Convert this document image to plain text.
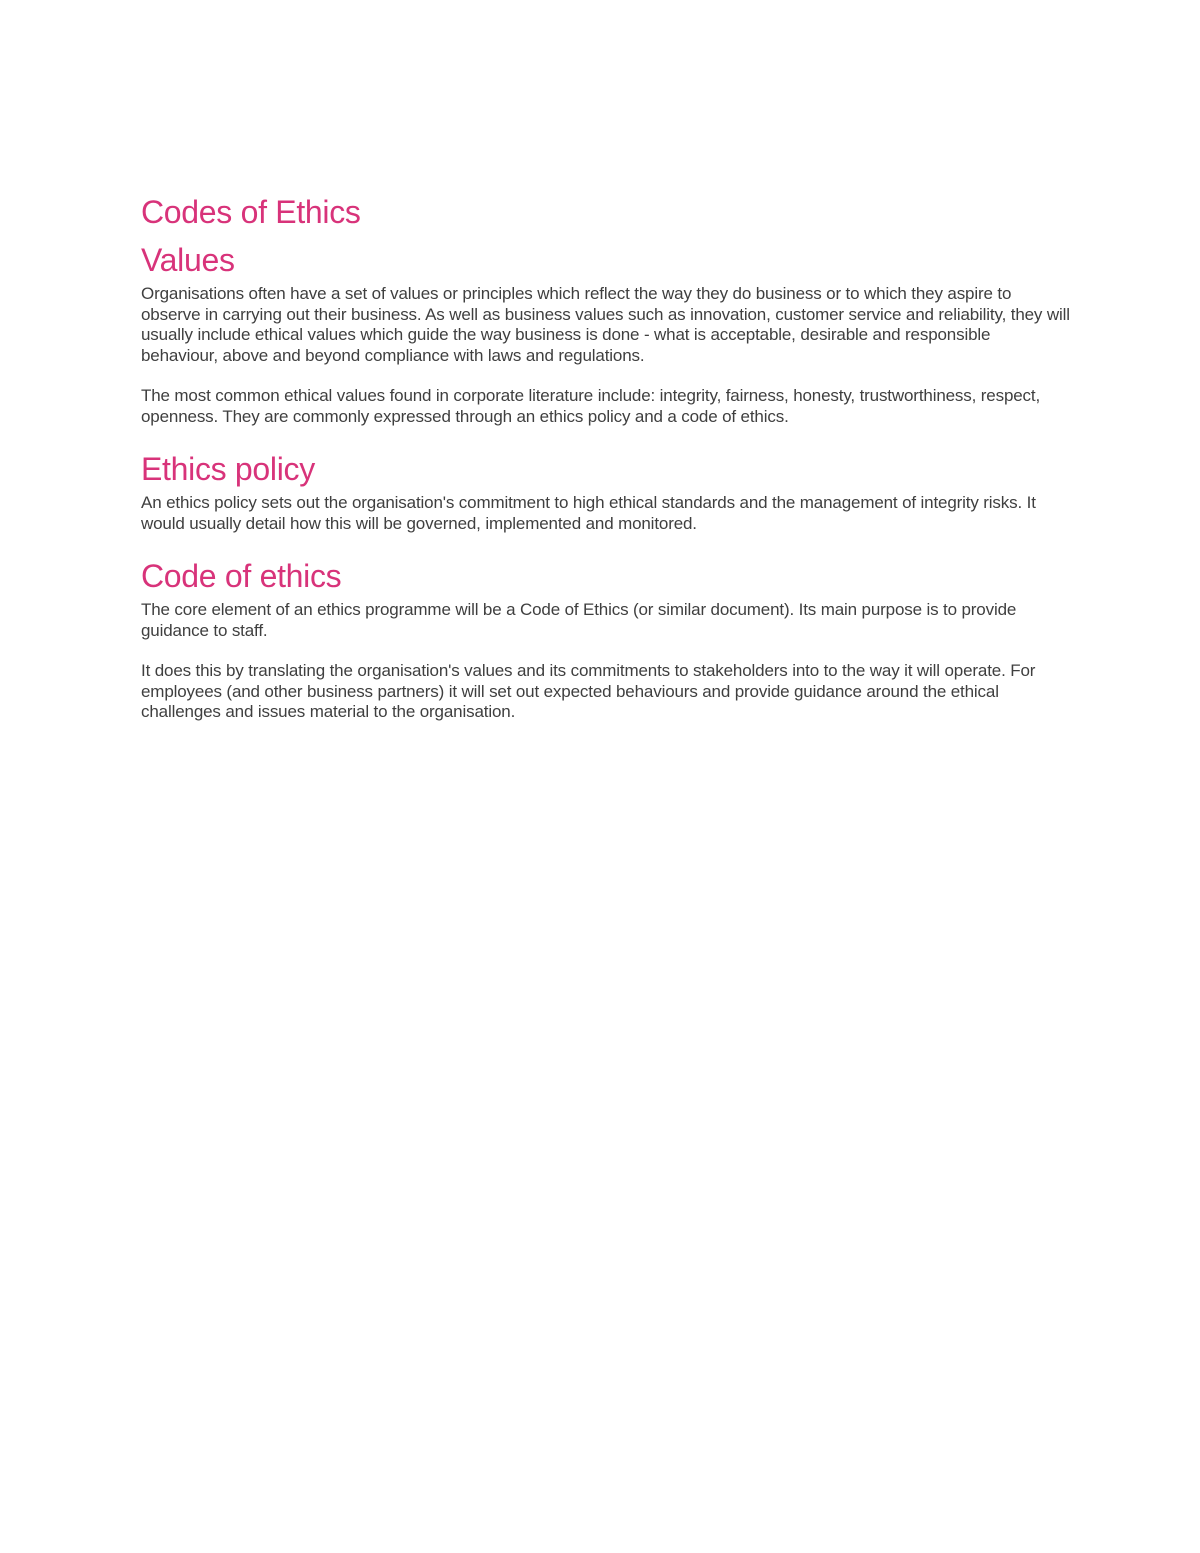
Codes of Ethics
Values

Organisations often have a set of values or principles which reflect the way they do business or to which they aspire to observe in carrying out their business. As well as business values such as innovation, customer service and reliability, they will usually include ethical values which guide the way business is done - what is acceptable, desirable and responsible behaviour, above and beyond compliance with laws and regulations.

The most common ethical values found in corporate literature include: integrity, fairness, honesty, trustworthiness, respect, openness. They are commonly expressed through an ethics policy and a code of ethics.

Ethics policy

An ethics policy sets out the organisation's commitment to high ethical standards and the management of integrity risks. It would usually detail how this will be governed, implemented and monitored.

Code of ethics

The core element of an ethics programme will be a Code of Ethics (or similar document). Its main purpose is to provide guidance to staff.

It does this by translating the organisation's values and its commitments to stakeholders into to the way it will operate. For employees (and other business partners) it will set out expected behaviours and provide guidance around the ethical challenges and issues material to the organisation.
